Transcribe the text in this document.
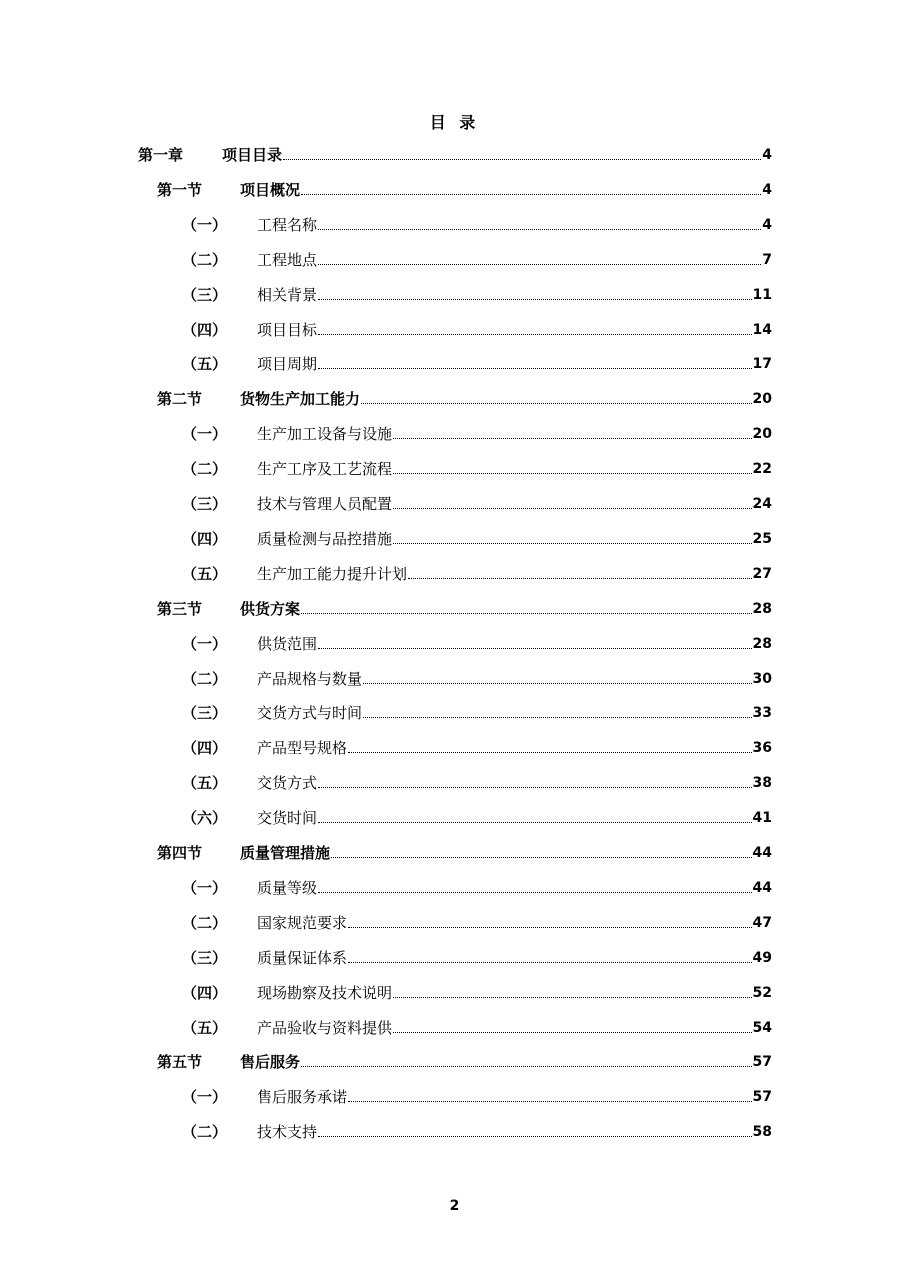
目 录
第一章	项目目录	4
第一节	项目概况	4
（一）	工程名称	4
（二）	工程地点	7
（三）	相关背景	11
（四）	项目目标	14
（五）	项目周期	17
第二节	货物生产加工能力	20
（一）	生产加工设备与设施	20
（二）	生产工序及工艺流程	22
（三）	技术与管理人员配置	24
（四）	质量检测与品控措施	25
（五）	生产加工能力提升计划	27
第三节	供货方案	28
（一）	供货范围	28
（二）	产品规格与数量	30
（三）	交货方式与时间	33
（四）	产品型号规格	36
（五）	交货方式	38
（六）	交货时间	41
第四节	质量管理措施	44
（一）	质量等级	44
（二）	国家规范要求	47
（三）	质量保证体系	49
（四）	现场勘察及技术说明	52
（五）	产品验收与资料提供	54
第五节	售后服务	57
（一）	售后服务承诺	57
（二）	技术支持	58
2
